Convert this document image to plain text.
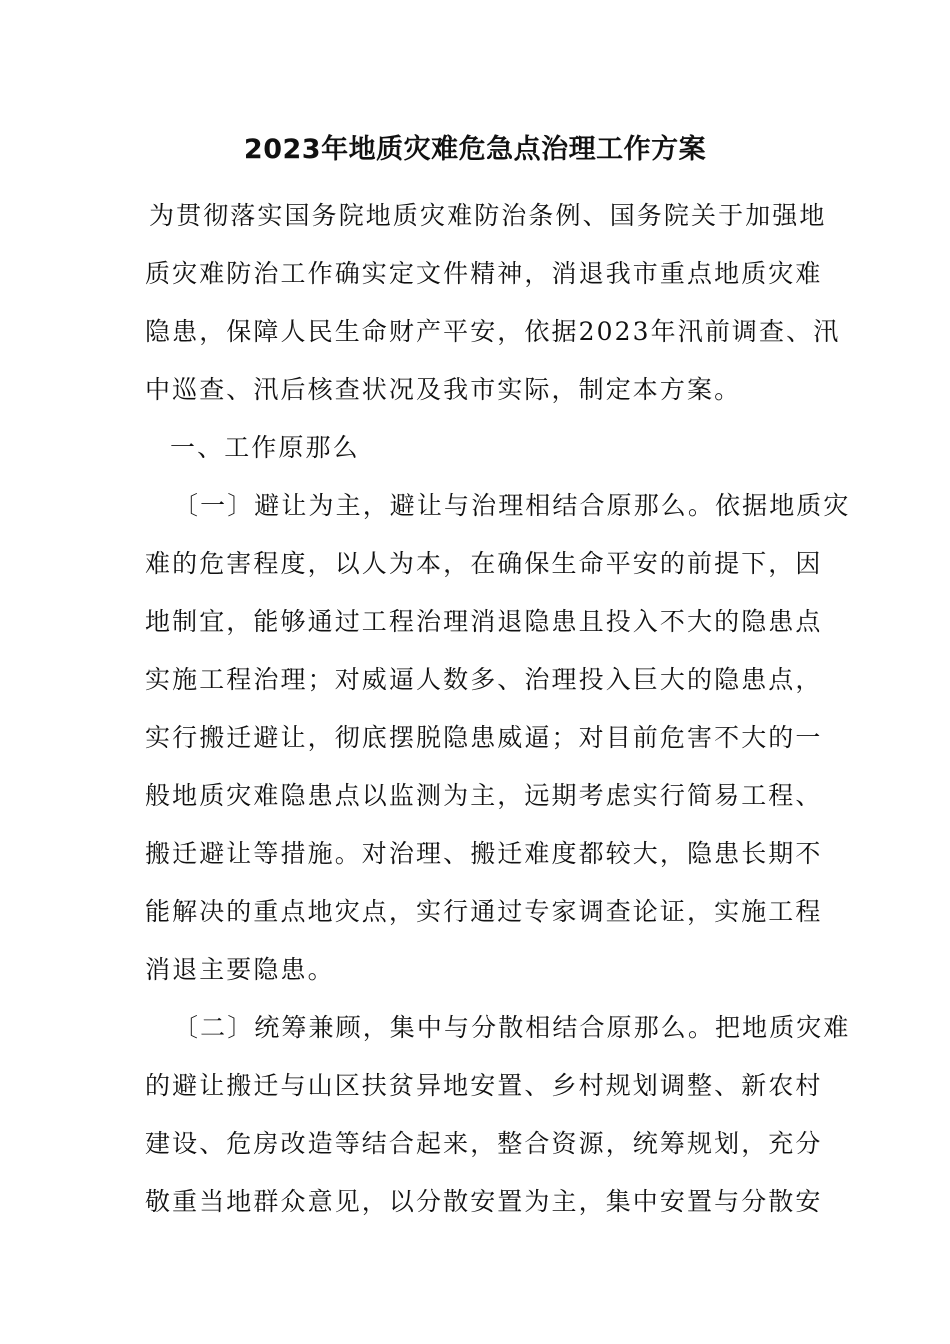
2023年地质灾难危急点治理工作方案
为贯彻落实国务院地质灾难防治条例、国务院关于加强地
质灾难防治工作确实定文件精神，消退我市重点地质灾难
隐患，保障人民生命财产平安，依据2023年汛前调查、汛
中巡查、汛后核查状况及我市实际，制定本方案。
一、工作原那么
〔一〕避让为主，避让与治理相结合原那么。依据地质灾
难的危害程度，以人为本，在确保生命平安的前提下，因
地制宜，能够通过工程治理消退隐患且投入不大的隐患点
实施工程治理；对威逼人数多、治理投入巨大的隐患点，
实行搬迁避让，彻底摆脱隐患威逼；对目前危害不大的一
般地质灾难隐患点以监测为主，远期考虑实行简易工程、
搬迁避让等措施。对治理、搬迁难度都较大，隐患长期不
能解决的重点地灾点，实行通过专家调查论证，实施工程
消退主要隐患。
〔二〕统筹兼顾，集中与分散相结合原那么。把地质灾难
的避让搬迁与山区扶贫异地安置、乡村规划调整、新农村
建设、危房改造等结合起来，整合资源，统筹规划，充分
敬重当地群众意见，以分散安置为主，集中安置与分散安
